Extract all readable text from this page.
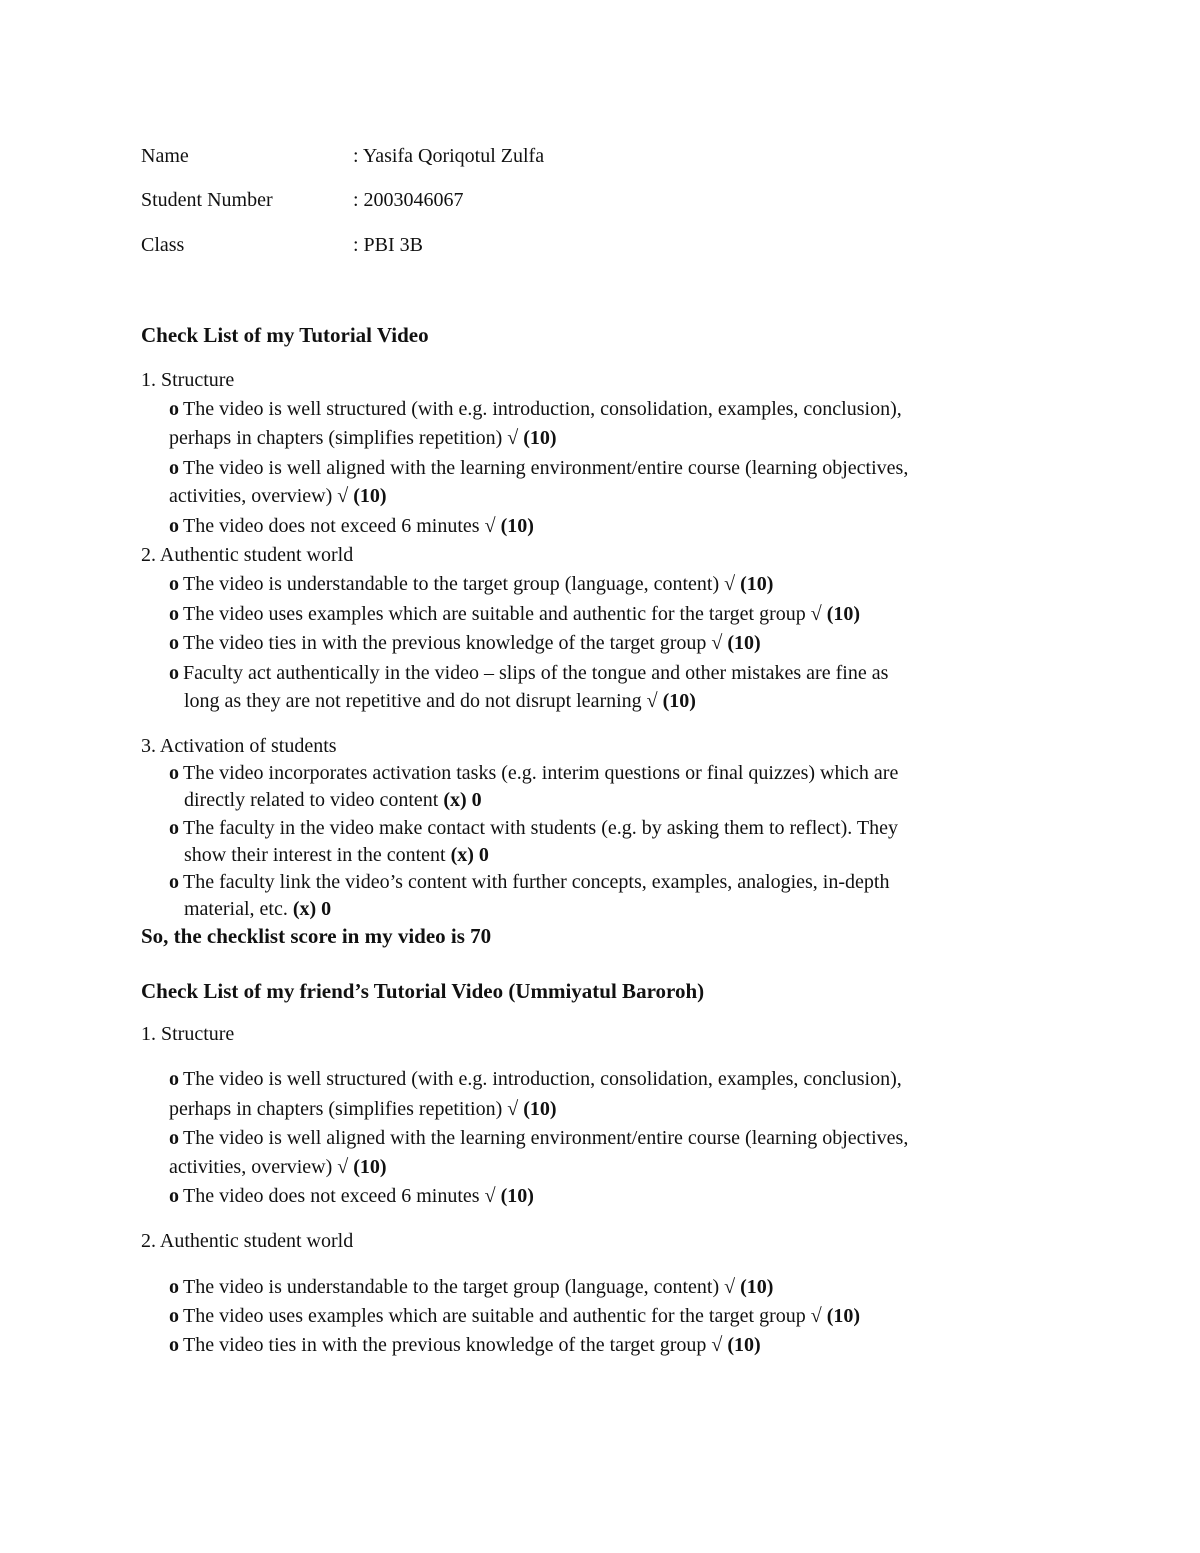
Name	: Yasifa Qoriqotul Zulfa
Student Number	: 2003046067
Class	: PBI 3B
Check List of my Tutorial Video
1. Structure
o The video is well structured (with e.g. introduction, consolidation, examples, conclusion),
perhaps in chapters (simplifies repetition) √ (10)
o The video is well aligned with the learning environment/entire course (learning objectives,
activities, overview) √ (10)
o The video does not exceed 6 minutes √ (10)
2. Authentic student world
o The video is understandable to the target group (language, content) √ (10)
o The video uses examples which are suitable and authentic for the target group √ (10)
o The video ties in with the previous knowledge of the target group √ (10)
o Faculty act authentically in the video – slips of the tongue and other mistakes are fine as
long as they are not repetitive and do not disrupt learning √ (10)
3. Activation of students
o The video incorporates activation tasks (e.g. interim questions or final quizzes) which are
directly related to video content (x) 0
o The faculty in the video make contact with students (e.g. by asking them to reflect). They
show their interest in the content (x) 0
o The faculty link the video’s content with further concepts, examples, analogies, in-depth
material, etc. (x) 0
So, the checklist score in my video is 70
Check List of my friend’s Tutorial Video (Ummiyatul Baroroh)
1. Structure
o The video is well structured (with e.g. introduction, consolidation, examples, conclusion),
perhaps in chapters (simplifies repetition) √ (10)
o The video is well aligned with the learning environment/entire course (learning objectives,
activities, overview) √ (10)
o The video does not exceed 6 minutes √ (10)
2. Authentic student world
o The video is understandable to the target group (language, content) √ (10)
o The video uses examples which are suitable and authentic for the target group √ (10)
o The video ties in with the previous knowledge of the target group √ (10)
